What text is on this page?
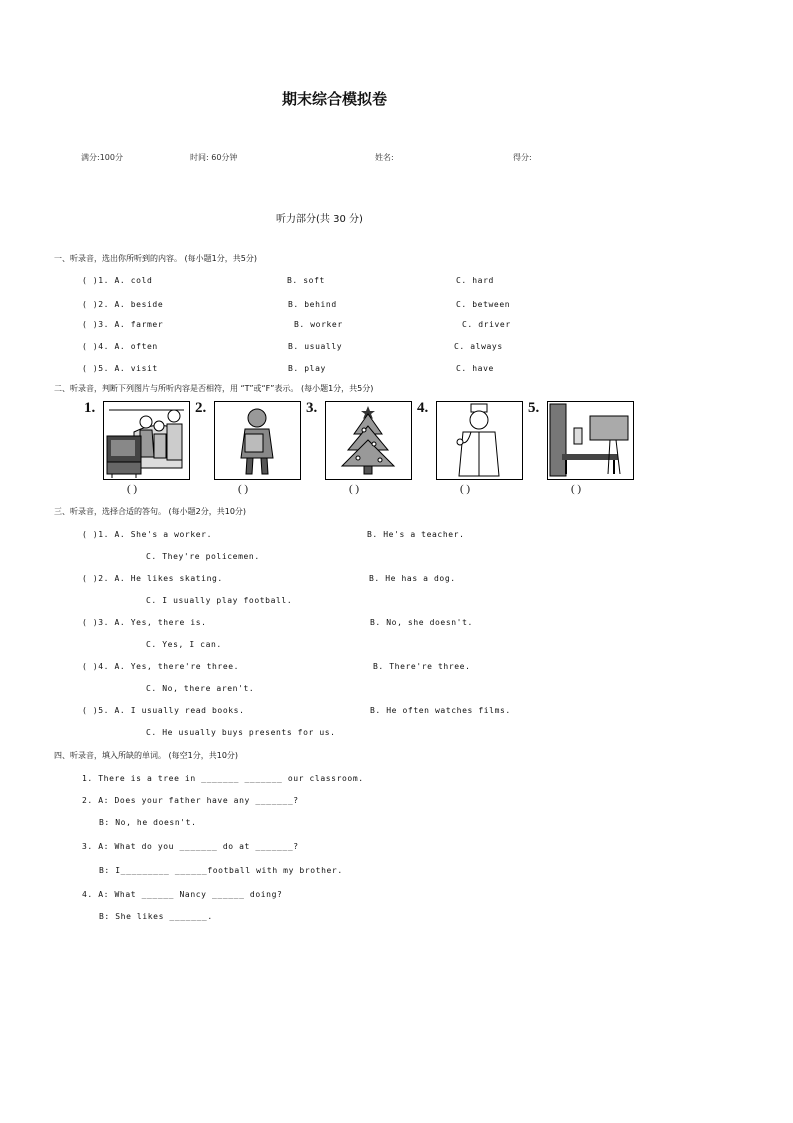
期末综合模拟卷
满分:100分	时间: 60分钟	姓名:	得分:
听力部分(共 30 分)
一、听录音，选出你所听到的内容。 (每小题1分，共5分)
( )1. A. cold	B. soft	C. hard
( )2. A. beside	B. behind	C. between
( )3. A. farmer	B. worker	C. driver
( )4. A. often	B. usually	C. always
( )5. A. visit	B. play	C. have
二、听录音，判断下列图片与所听内容是否相符，用 “T”或“F”表示。 (每小题1分，共5分)
1.	2.	3.	4.	5.
( )	( )	( )	( )	( )
三、听录音，选择合适的答句。 (每小题2分，共10分)
( )1. A. She's a worker.	B. He's a teacher.
C. They're policemen.
( )2. A. He likes skating.	B. He has a dog.
C. I usually play football.
( )3. A. Yes, there is.	B. No, she doesn't.
C. Yes, I can.
( )4. A. Yes, there're three.	B. There're three.
C. No, there aren't.
( )5. A. I usually read books.	B. He often watches films.
C. He usually buys presents for us.
四、听录音，填入所缺的单词。 (每空1分，共10分)
1. There is a tree in _______ _______ our classroom.
2. A: Does your father have any _______?
B: No, he doesn't.
3. A: What do you _______ do at _______?
B: I_________ ______football with my brother.
4. A: What ______ Nancy ______ doing?
B: She likes _______.
